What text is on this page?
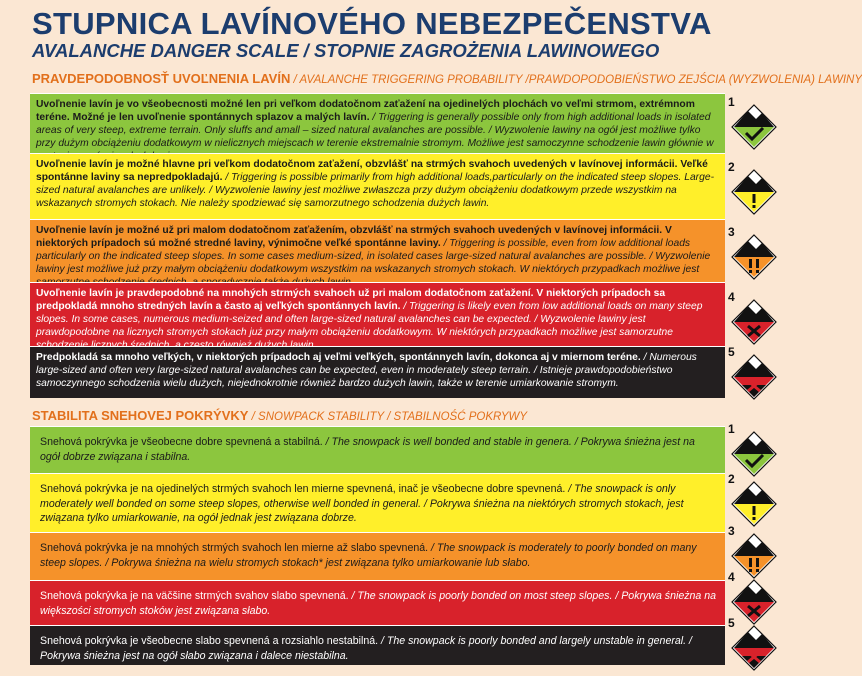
STUPNICA LAVÍNOVÉHO NEBEZPEČENSTVA
AVALANCHE DANGER SCALE / STOPNIE ZAGROŻENIA LAWINOWEGO
PRAVDEPODOBNOSŤ UVOĽNENIA LAVÍN / AVALANCHE TRIGGERING PROBABILITY /PRAWDOPODOBIEŃSTWO ZEJŚCIA (WYZWOLENIA) LAWINY
Uvoľnenie lavín je vo všeobecnosti možné len pri veľkom dodatočnom zaťažení na ojedinelých plochách vo veľmi strmom, extrémnom teréne. Možné je len uvoľnenie spontánnych splazov a malých lavín. / Triggering is generally possible only from high additional loads in isolated areas of very steep, extreme terrain. Only sluffs and amall – sized natural avalanches are possible. / Wyzwolenie lawiny na ogół jest możliwe tylko przy dużym obciążeniu dodatkowym w nielicznych miejscach w terenie ekstremalnie stromym. Możliwe jest samoczynne schodzenie lawin głównie w
Uvoľnenie lavín je možné hlavne pri veľkom dodatočnom zaťažení, obzvlášť na strmých svahoch uvedených v lavínovej informácii. Veľké spontánne laviny sa nepredpokladajú. / Triggering is possible primarily from high additional loads,particularly on the indicated steep slopes. Large-sized natural avalanches are unlikely. / Wyzwolenie lawiny jest możliwe zwłaszcza przy dużym obciążeniu dodatkowym przede wszystkim na wskazanych stromych stokach. Nie należy spodziewać się samorzutnego schodzenia dużych lawin.
Uvoľnenie lavín je možné už pri malom dodatočnom zaťažením, obzvlášť na strmých svahoch uvedených v lavínovej informácii. V niektorých prípadoch sú možné stredné laviny, výnimočne veľké spontánne laviny. / Triggering is possible, even from low additional loads particularly on the indicated steep slopes. In some cases medium-sized, in isolated cases large-sized natural avalanches are possible. / Wyzwolenie lawiny jest możliwe już przy małym obciążeniu dodatkowym wszystkim na wskazanych stromych stokach. W niektórych przypadkach możliwe jest
Uvoľnenie lavín je pravdepodobné na mnohých strmých svahoch už pri malom dodatočnom zaťažení. V niektorých prípadoch sa predpokladá mnoho stredných lavín a často aj veľkých spontánnych lavín. / Triggering is likely even from low additional loads on many steep slopes. In some cases, numerous medium-seized and often large-sized natural avalanches can be expected. / Wyzwolenie lawiny jest prawdopodobne na licznych stromych stokach już przy małym obciążeniu dodatkowym. W niektórych przypadkach możliwe jest samorzutne
Predpokladá sa mnoho veľkých, v niektorých prípadoch aj veľmi veľkých, spontánnych lavín, dokonca aj v miernom teréne. / Numerous large-sized and often very large-sized natural avalanches can be expected, even in moderately steep terrain. / Istnieje prawdopodobieństwo samoczynnego schodzenia wielu dużych, niejednokrotnie również bardzo dużych lawin, także w terenie umiarkowanie stromym.
STABILITA SNEHOVEJ POKRÝVKY / SNOWPACK STABILITY / STABILNOŚĆ POKRYWY
Snehová pokrývka je všeobecne dobre spevnená a stabilná. / The snowpack is well bonded and stable in genera. / Pokrywa śnieżna jest na ogół dobrze związana i stabilna.
Snehová pokrývka je na ojedinelých strmých svahoch len mierne spevnená, inač je všeobecne dobre spevnená. / The snowpack is only moderately well bonded on some steep slopes, otherwise well bonded in general. / Pokrywa śnieżna na niektórych stromych stokach, jest związana tylko umiarkowanie, na ogół jednak jest związana dobrze.
Snehová pokrývka je na mnohých strmých svahoch len mierne až slabo spevnená. / The snowpack is moderately to poorly bonded on many steep slopes. / Pokrywa śnieżna na wielu stromych stokach* jest związana tylko umiarkowanie lub słabo.
Snehová pokrývka je na väčšine strmých svahov slabo spevnená. / The snowpack is poorly bonded on most steep slopes. / Pokrywa śnieżna na większości stromych stoków jest związana słabo.
Snehová pokrývka je všeobecne slabo spevnená a rozsiahlo nestabilná. / The snowpack is poorly bonded and largely unstable in general. / Pokrywa śnieżna jest na ogół słabo związana i dalece niestabilna.
1
2
3
4
5
1
2
3
4
5
